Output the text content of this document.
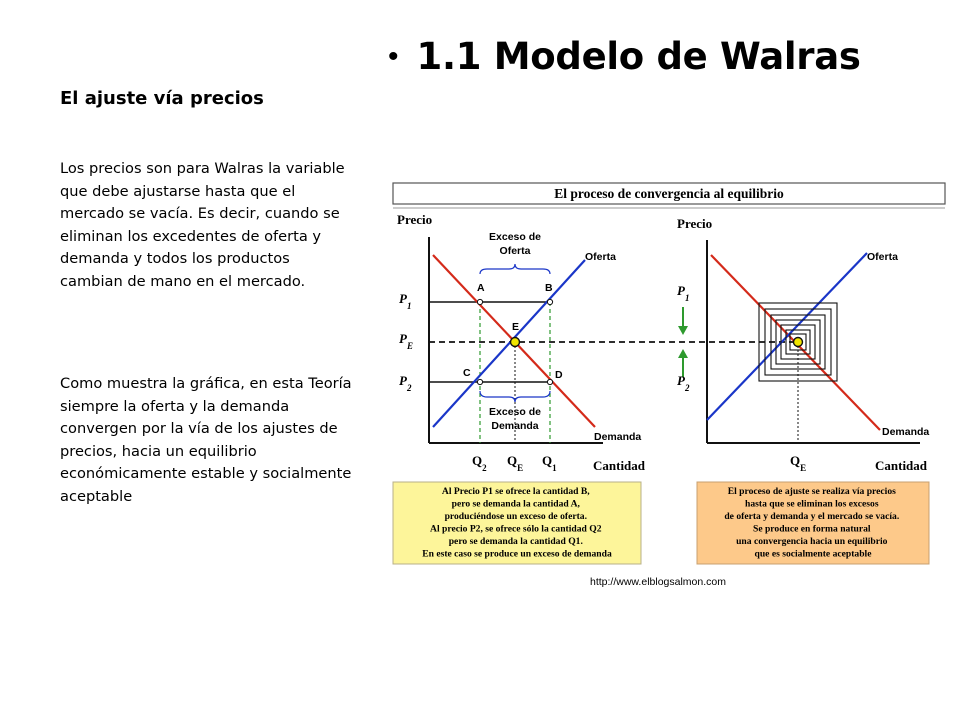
• 1.1 Modelo de Walras
El ajuste vía precios

Los precios son para Walras la variable que debe ajustarse hasta que el mercado se vacía. Es decir, cuando se eliminan los excedentes de oferta y demanda y todos los productos cambian de mano en el mercado.

Como muestra la gráfica, en esta Teoría siempre la oferta y la demanda convergen por la vía de los ajustes de precios, hacia un equilibrio económicamente estable y socialmente aceptable

El proceso de convergencia al equilibrio
Precio
Cantidad
A	B
C	D
E
Oferta
Demanda
Exceso de
Oferta
Exceso de
Demanda
$P_1$
$P_E$
$P_2$
$Q_2$ $Q_E$ $Q_1$
Precio
Cantidad
$P_1$
$P_2$
$Q_E$
Oferta
Demanda
Al Precio P1 se ofrece la cantidad B, pero se demanda la cantidad A, produciéndose un exceso de oferta. Al precio P2, se ofrece sólo la cantidad Q2 pero se demanda la cantidad Q1. En este caso se produce un exceso de demanda
El proceso de ajuste se realiza vía precios hasta que se eliminan los excesos de oferta y demanda y el mercado se vacía. Se produce en forma natural una convergencia hacia un equilibrio que es socialmente aceptable
http://www.elblogsalmon.com
